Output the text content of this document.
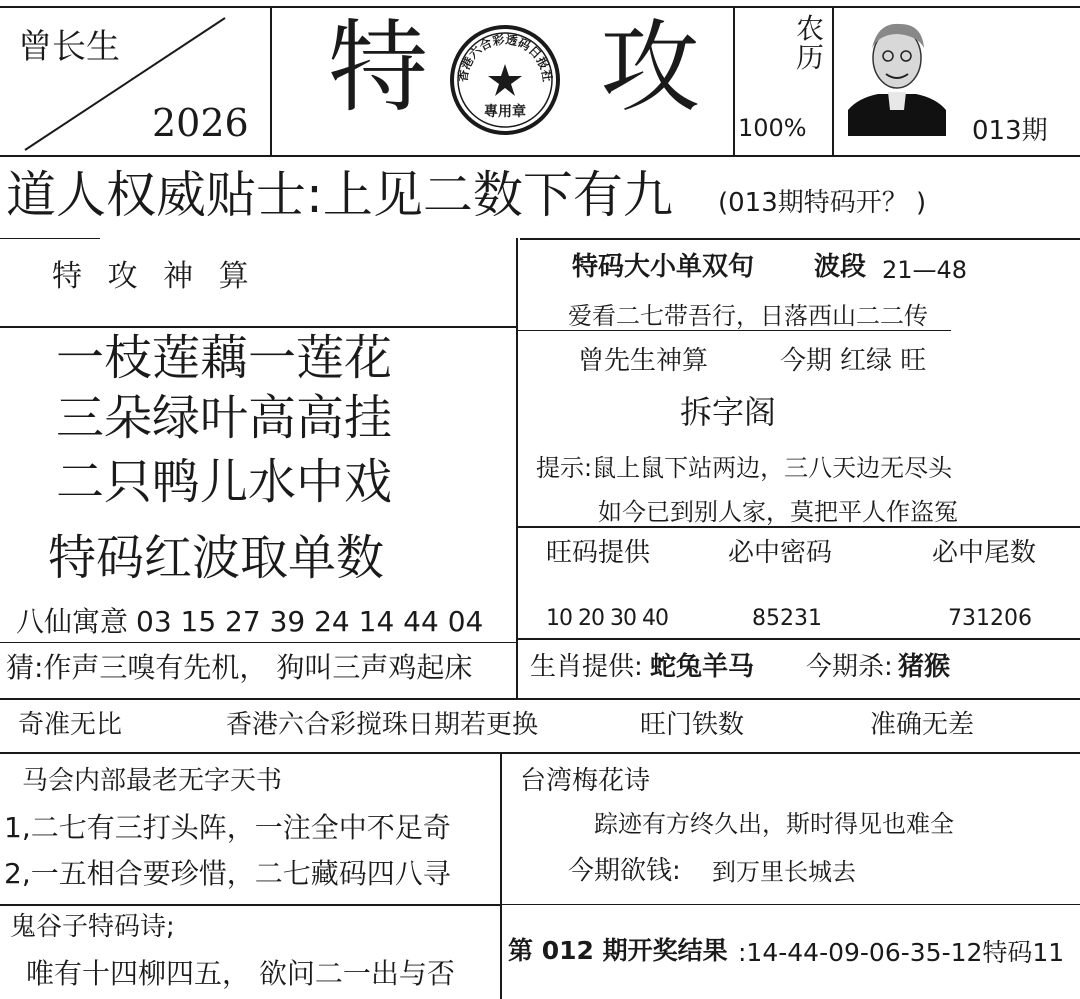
曾长生
2026 特 攻
香港六合彩透码日报社
專用章
农历
100%	013期
道人权威贴士:上见二数下有九 (013期特码开？ )
特 攻 神 算
一枝莲藕一莲花
三朵绿叶高高挂
二只鸭儿水中戏
特码红波取单数
八仙寓意 03 15 27 39 24 14 44 04
猜:作声三嗅有先机， 狗叫三声鸡起床
特码大小单双句 波段 21—48
爱看二七带吾行，日落西山二二传
曾先生神算	今期 红绿 旺
拆字阁
提示:鼠上鼠下站两边，三八天边无尽头
如今已到别人家，莫把平人作盗冤
旺码提供	必中密码	必中尾数
10 20 30 40	85231	731206
生肖提供: 蛇兔羊马 今期杀: 猪猴
奇准无比	香港六合彩搅珠日期若更换	旺门铁数	准确无差
马会内部最老无字天书
1,二七有三打头阵，一注全中不足奇
2,一五相合要珍惜，二七藏码四八寻
鬼谷子特码诗;
唯有十四柳四五， 欲问二一出与否
台湾梅花诗
踪迹有方终久出，斯时得见也难全
今期欲钱: 到万里长城去
第 012 期开奖结果 :14-44-09-06-35-12特码11
